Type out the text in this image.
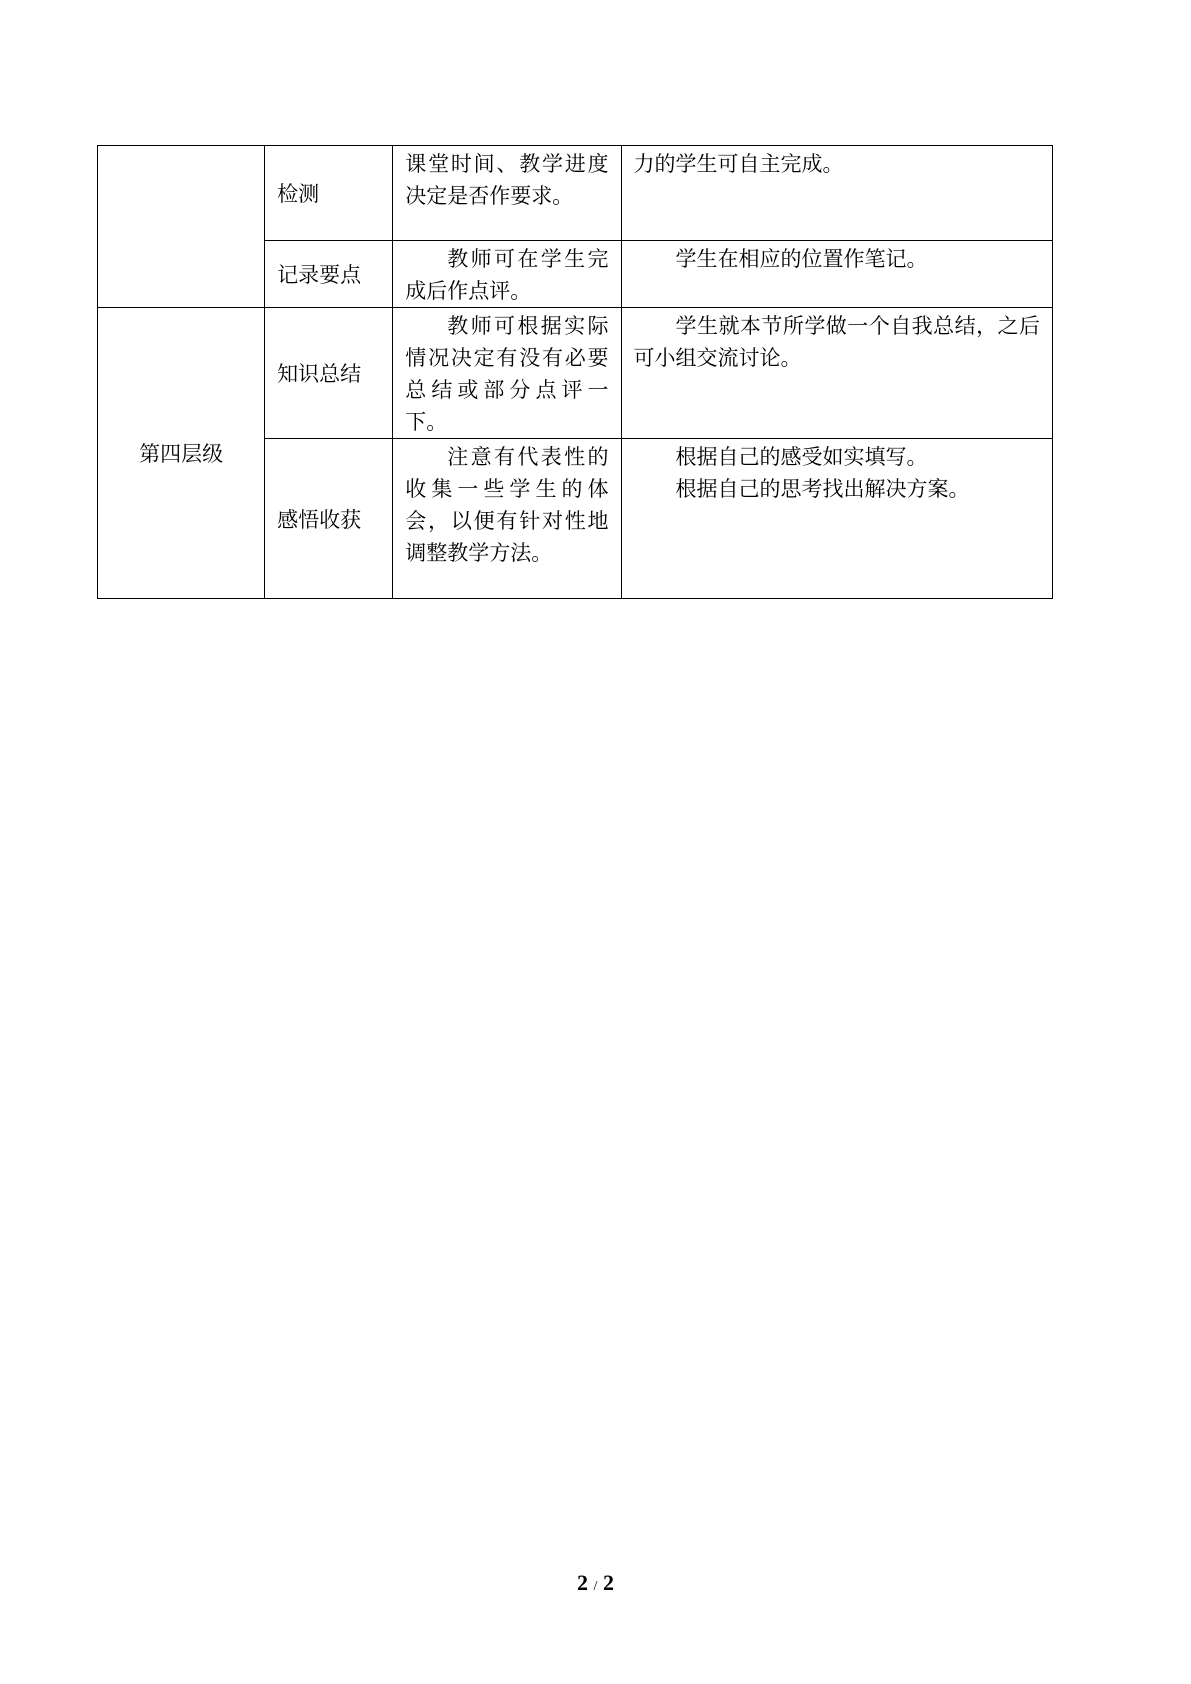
	检测	课堂时间、教学进度决定是否作要求。	力的学生可自主完成。

	记录要点	教师可在学生完成后作点评。	学生在相应的位置作笔记。

第四层级	知识总结	教师可根据实际情况决定有没有必要总结或部分点评一下。	学生就本节所学做一个自我总结，之后可小组交流讨论。

	感悟收获	注意有代表性的收集一些学生的体会，以便有针对性地调整教学方法。	根据自己的感受如实填写。
根据自己的思考找出解决方案。
2 / 2
